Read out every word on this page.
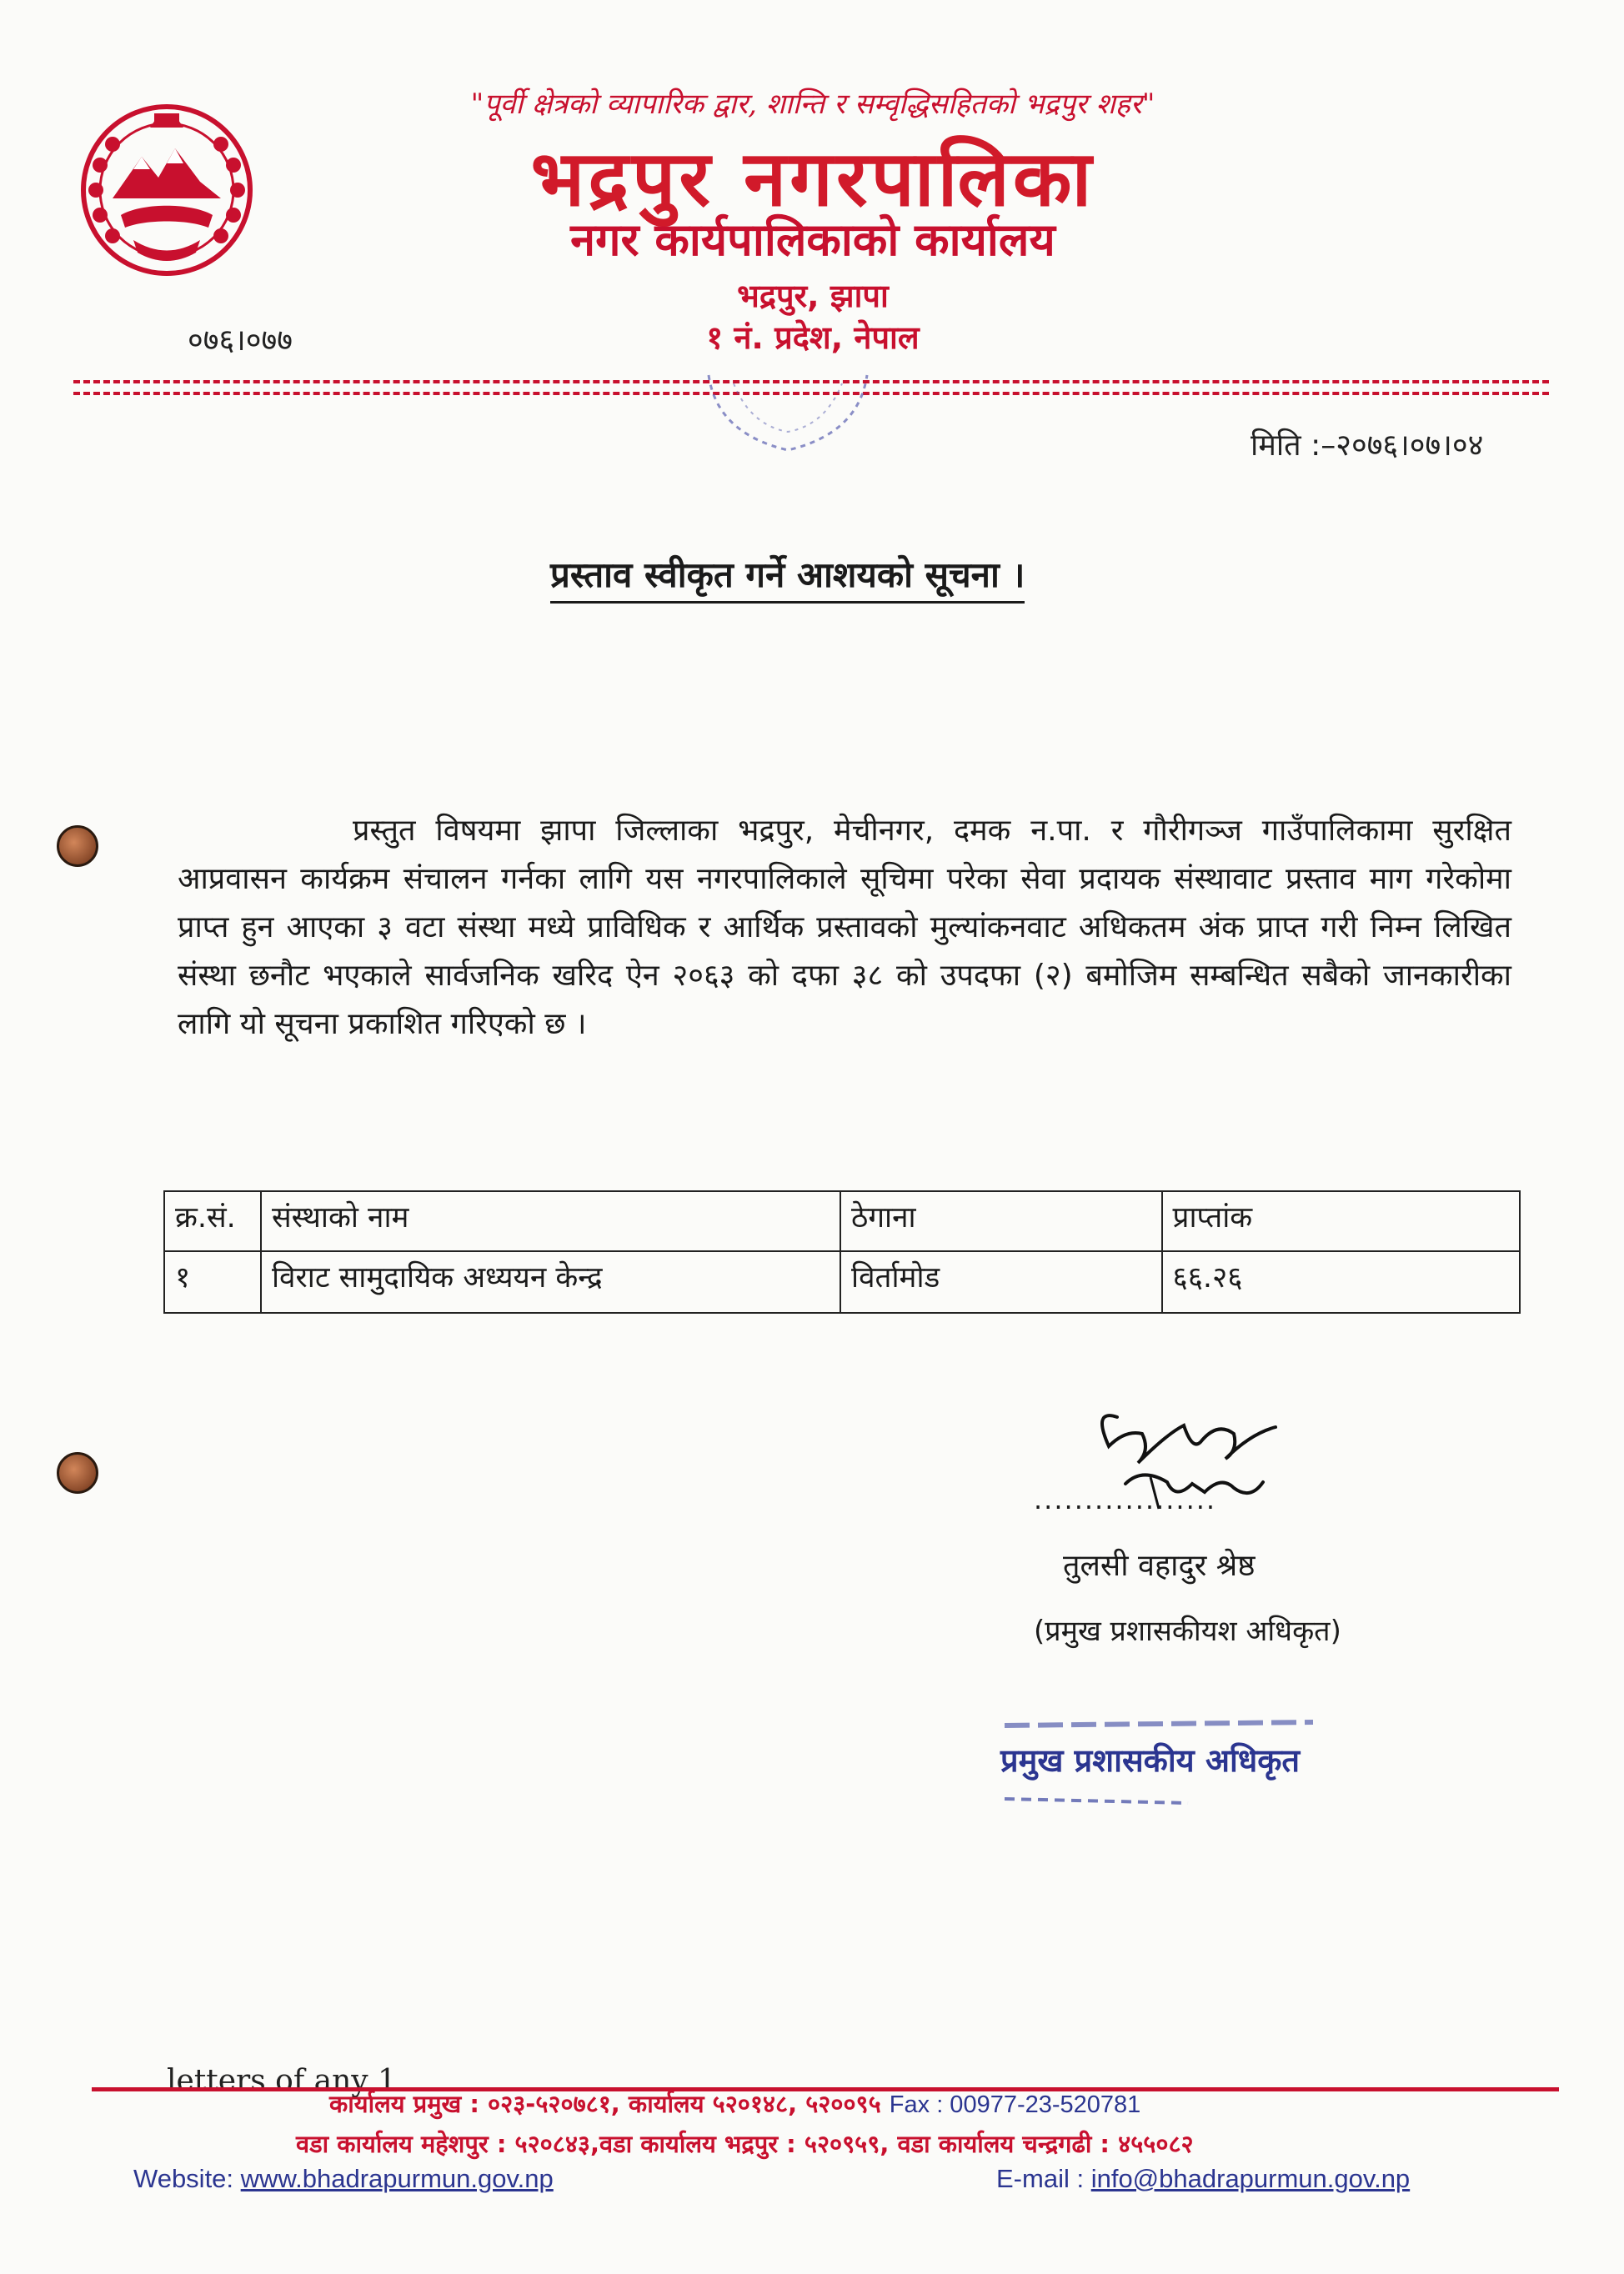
"पूर्वी क्षेत्रको व्यापारिक द्वार, शान्ति र सम्वृद्धिसहितको भद्रपुर शहर"
भद्रपुर नगरपालिका
नगर कार्यपालिकाको कार्यालय
भद्रपुर, झापा
१ नं. प्रदेश, नेपाल
०७६।०७७
मिति :–२०७६।०७।०४
प्रस्ताव स्वीकृत गर्ने आशयको सूचना ।
प्रस्तुत विषयमा झापा जिल्लाका भद्रपुर, मेचीनगर, दमक न.पा. र गौरीगञ्ज गाउँपालिकामा सुरक्षित आप्रवासन कार्यक्रम संचालन गर्नका लागि यस नगरपालिकाले सूचिमा परेका सेवा प्रदायक संस्थावाट प्रस्ताव माग गरेकोमा प्राप्त हुन आएका ३ वटा संस्था मध्ये प्राविधिक र आर्थिक प्रस्तावको मुल्यांकनवाट अधिकतम अंक प्राप्त गरी निम्न लिखित संस्था छनौट भएकाले सार्वजनिक खरिद ऐन २०६३ को दफा ३८ को उपदफा (२) बमोजिम सम्बन्धित सबैको जानकारीका लागि यो सूचना प्रकाशित गरिएको छ ।
क्र.सं.	संस्थाको नाम	ठेगाना	प्राप्तांक
१	विराट सामुदायिक अध्ययन केन्द्र	विर्तामोड	६६.२६
..................
तुलसी वहादुर श्रेष्ठ
(प्रमुख प्रशासकीयश अधिकृत)
प्रमुख प्रशासकीय अधिकृत
letters of any 1
कार्यालय प्रमुख : ०२३-५२०७८१, कार्यालय ५२०१४८, ५२००९५ Fax : 00977-23-520781
वडा कार्यालय महेशपुर : ५२०८४३,वडा कार्यालय भद्रपुर : ५२०९५९, वडा कार्यालय चन्द्रगढी : ४५५०८२
Website: www.bhadrapurmun.gov.np	E-mail : info@bhadrapurmun.gov.np
